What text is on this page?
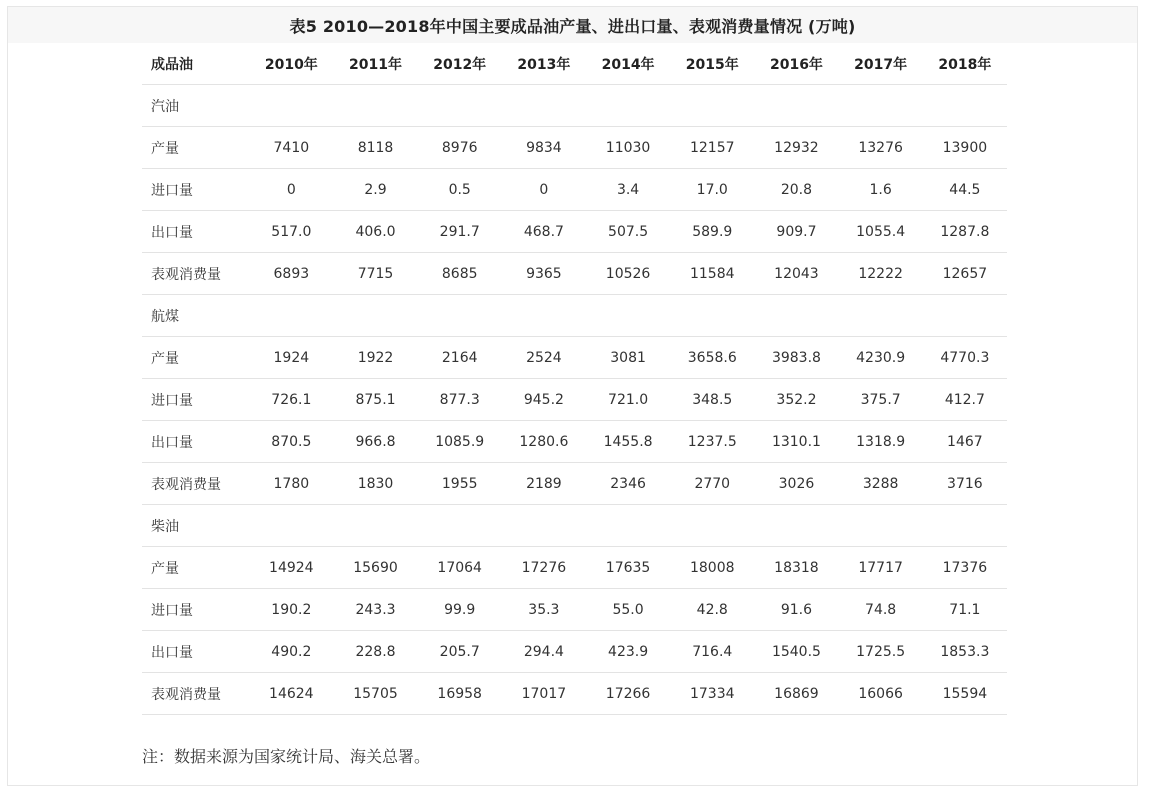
表5 2010—2018年中国主要成品油产量、进出口量、表观消费量情况 (万吨)
成品油	2010年	2011年	2012年	2013年	2014年	2015年	2016年	2017年	2018年
汽油									
产量	7410	8118	8976	9834	11030	12157	12932	13276	13900
进口量	0	2.9	0.5	0	3.4	17.0	20.8	1.6	44.5
出口量	517.0	406.0	291.7	468.7	507.5	589.9	909.7	1055.4	1287.8
表观消费量	6893	7715	8685	9365	10526	11584	12043	12222	12657
航煤									
产量	1924	1922	2164	2524	3081	3658.6	3983.8	4230.9	4770.3
进口量	726.1	875.1	877.3	945.2	721.0	348.5	352.2	375.7	412.7
出口量	870.5	966.8	1085.9	1280.6	1455.8	1237.5	1310.1	1318.9	1467
表观消费量	1780	1830	1955	2189	2346	2770	3026	3288	3716
柴油									
产量	14924	15690	17064	17276	17635	18008	18318	17717	17376
进口量	190.2	243.3	99.9	35.3	55.0	42.8	91.6	74.8	71.1
出口量	490.2	228.8	205.7	294.4	423.9	716.4	1540.5	1725.5	1853.3
表观消费量	14624	15705	16958	17017	17266	17334	16869	16066	15594
注：数据来源为国家统计局、海关总署。
